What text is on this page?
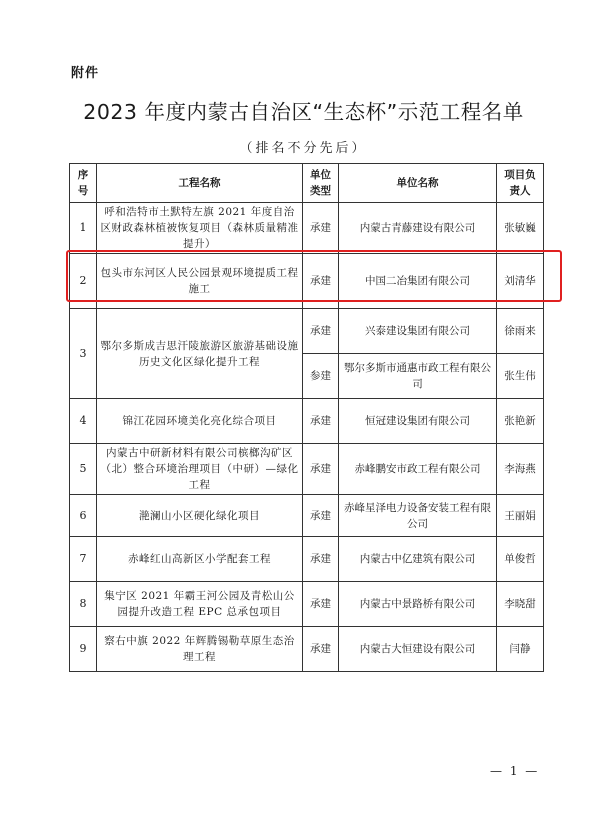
附件
2023 年度内蒙古自治区“生态杯”示范工程名单
（排名不分先后）
序号	工程名称	单位类型	单位名称	项目负责人
1	呼和浩特市土默特左旗 2021 年度自治区财政森林植被恢复项目（森林质量精准提升）	承建	内蒙古青藤建设有限公司	张敏巍
2	包头市东河区人民公园景观环境提质工程施工	承建	中国二冶集团有限公司	刘清华
3	鄂尔多斯成吉思汗陵旅游区旅游基础设施历史文化区绿化提升工程	承建	兴泰建设集团有限公司	徐雨来
		参建	鄂尔多斯市通惠市政工程有限公司	张生伟
4	锦江花园环境美化亮化综合项目	承建	恒冠建设集团有限公司	张艳新
5	内蒙古中研新材料有限公司槟榔沟矿区（北）整合环境治理项目（中研）—绿化工程	承建	赤峰鹏安市政工程有限公司	李海燕
6	滟澜山小区硬化绿化项目	承建	赤峰星泽电力设备安装工程有限公司	王丽娟
7	赤峰红山高新区小学配套工程	承建	内蒙古中亿建筑有限公司	单俊哲
8	集宁区 2021 年霸王河公园及青松山公园提升改造工程 EPC 总承包项目	承建	内蒙古中景路桥有限公司	李晓甜
9	察右中旗 2022 年辉腾锡勒草原生态治理工程	承建	内蒙古大恒建设有限公司	闫静
— 1 —
